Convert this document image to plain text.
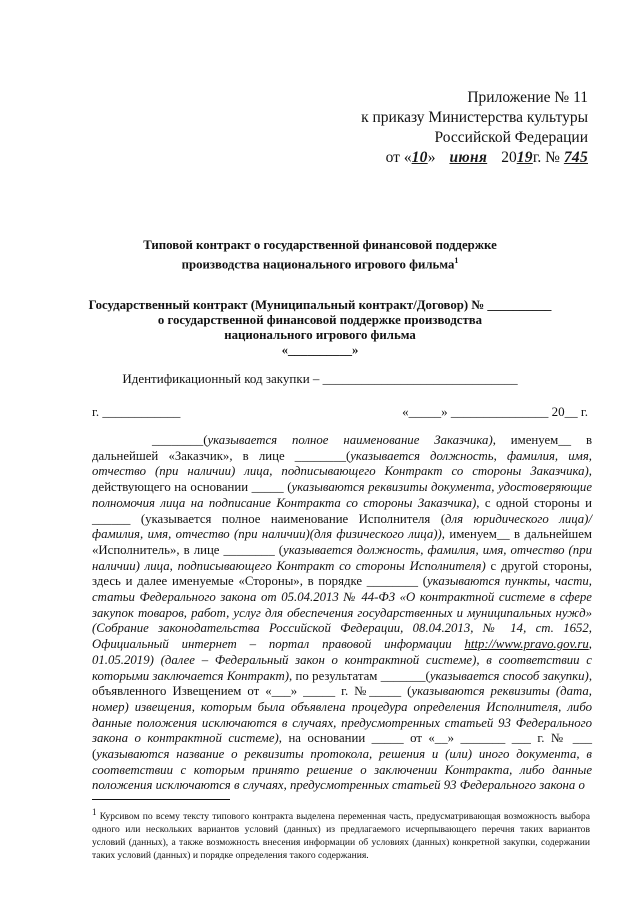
Приложение № 11
к приказу Министерства культуры
Российской Федерации
от «10» июня 2019г. № 745
Типовой контракт о государственной финансовой поддержке
производства национального игрового фильма$^1$
Государственный контракт (Муниципальный контракт/Договор) № __________
о государственной финансовой поддержке производства
национального игрового фильма
«__________»
Идентификационный код закупки – ______________________________
г. ____________	«_____» _______________ 20__ г.
________(указывается полное наименование Заказчика), именуем__ в дальнейшей «Заказчик», в лице ________(указывается должность, фамилия, имя, отчество (при наличии) лица, подписывающего Контракт со стороны Заказчика), действующего на основании _____ (указываются реквизиты документа, удостоверяющие полномочия лица на подписание Контракта со стороны Заказчика), с одной стороны и ______ (указывается полное наименование Исполнителя (для юридического лица)/фамилия, имя, отчество (при наличии)(для физического лица)), именуем__ в дальнейшем «Исполнитель», в лице ________ (указывается должность, фамилия, имя, отчество (при наличии) лица, подписывающего Контракт со стороны Исполнителя) с другой стороны, здесь и далее именуемые «Стороны», в порядке ________ (указываются пункты, части, статьи Федерального закона от 05.04.2013 № 44-ФЗ «О контрактной системе в сфере закупок товаров, работ, услуг для обеспечения государственных и муниципальных нужд» (Собрание законодательства Российской Федерации, 08.04.2013, № 14, ст. 1652, Официальный интернет – портал правовой информации http://www.pravo.gov.ru, 01.05.2019) (далее – Федеральный закон о контрактной системе), в соответствии с которыми заключается Контракт), по результатам _______(указывается способ закупки), объявленного Извещением от «___» _____ г. №_____ (указываются реквизиты (дата, номер) извещения, которым была объявлена процедура определения Исполнителя, либо данные положения исключаются в случаях, предусмотренных статьей 93 Федерального закона о контрактной системе), на основании _____ от «__» _______ ___ г. № ___ (указываются название о реквизиты протокола, решения и (или) иного документа, в соответствии с которым принято решение о заключении Контракта, либо данные положения исключаются в случаях, предусмотренных статьей 93 Федерального закона о
$^1$ Курсивом по всему тексту типового контракта выделена переменная часть, предусматривающая возможность выбора одного или нескольких вариантов условий (данных) из предлагаемого исчерпывающего перечня таких вариантов условий (данных), а также возможность внесения информации об условиях (данных) конкретной закупки, содержании таких условий (данных) и порядке определения такого содержания.
